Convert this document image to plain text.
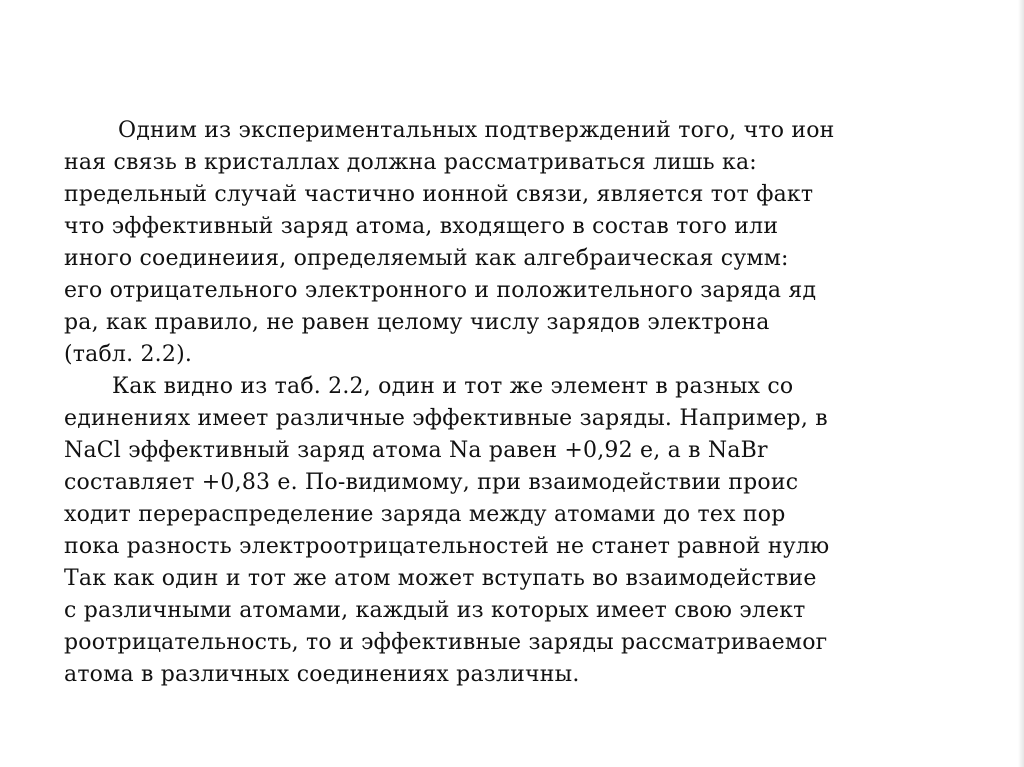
Одним из экспериментальных подтверждений того, что ион
ная связь в кристаллах должна рассматриваться лишь ка:
предельный случай частично ионной связи, является тот факт
что эффективный заряд атома, входящего в состав того или
иного соединеиия, определяемый как алгебраическая сумм:
его отрицательного электронного и положительного заряда яд
ра, как правило, не равен целому числу зарядов электрона
(табл. 2.2).
Как видно из таб. 2.2, один и тот же элемент в разных со
единениях имеет различные эффективные заряды. Например, в
NaCl эффективный заряд атома Na равен +0,92 e, а в NaBr
составляет +0,83 e. По-видимому, при взаимодействии проис
ходит перераспределение заряда между атомами до тех пор
пока разность электроотрицательностей не станет равной нулю
Так как один и тот же атом может вступать во взаимодействие
с различными атомами, каждый из которых имеет свою элект
роотрицательность, то и эффективные заряды рассматриваемог
атома в различных соединениях различны.
